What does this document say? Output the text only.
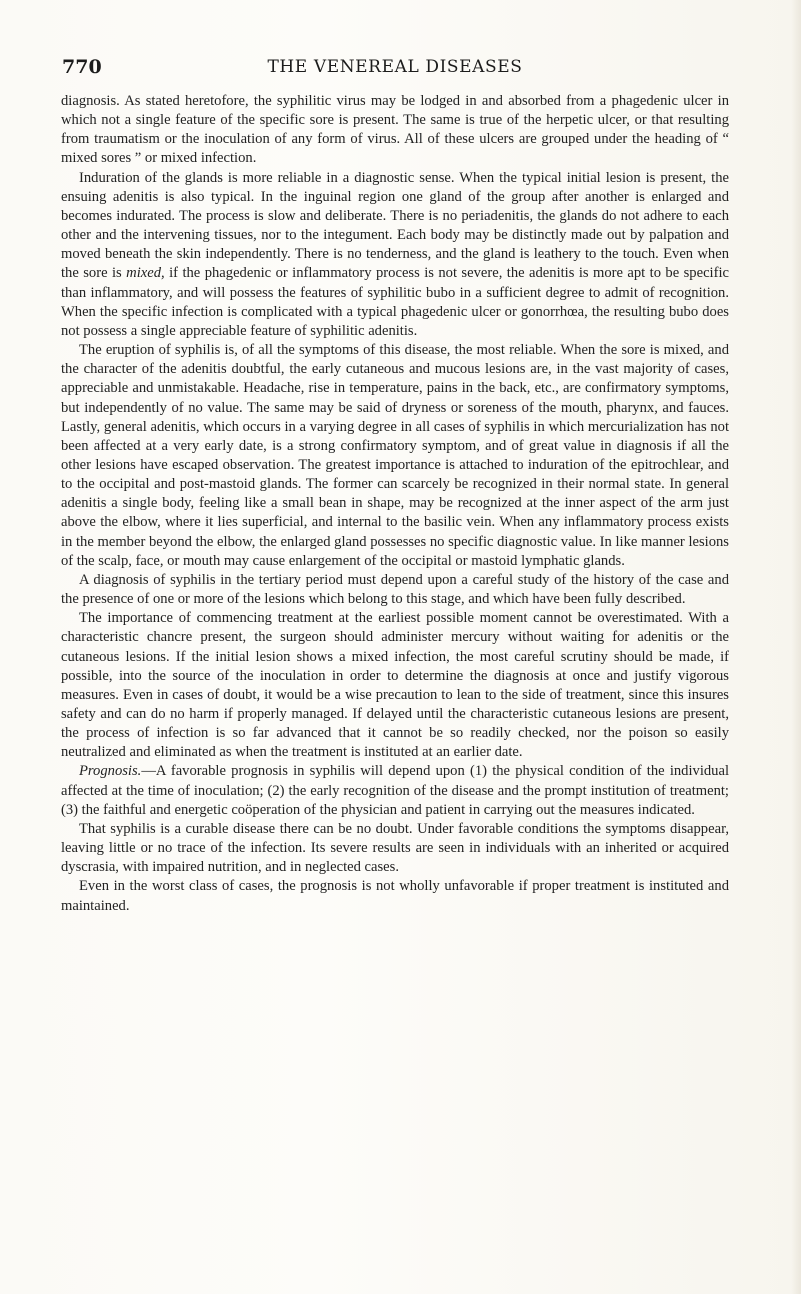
770	THE VENEREAL DISEASES

diagnosis. As stated heretofore, the syphilitic virus may be lodged in and absorbed from a phagedenic ulcer in which not a single feature of the specific sore is present. The same is true of the herpetic ulcer, or that resulting from traumatism or the inoculation of any form of virus. All of these ulcers are grouped under the heading of “ mixed sores ” or mixed infection.

Induration of the glands is more reliable in a diagnostic sense. When the typical initial lesion is present, the ensuing adenitis is also typical. In the inguinal region one gland of the group after another is enlarged and becomes indurated. The process is slow and deliberate. There is no periadenitis, the glands do not adhere to each other and the intervening tissues, nor to the integument. Each body may be distinctly made out by palpation and moved beneath the skin independently. There is no tenderness, and the gland is leathery to the touch. Even when the sore is mixed, if the phagedenic or inflammatory process is not severe, the adenitis is more apt to be specific than inflammatory, and will possess the features of syphilitic bubo in a sufficient degree to admit of recognition. When the specific infection is complicated with a typical phagedenic ulcer or gonorrhœa, the resulting bubo does not possess a single appreciable feature of syphilitic adenitis.

The eruption of syphilis is, of all the symptoms of this disease, the most reliable. When the sore is mixed, and the character of the adenitis doubtful, the early cutaneous and mucous lesions are, in the vast majority of cases, appreciable and unmistakable. Headache, rise in temperature, pains in the back, etc., are confirmatory symptoms, but independently of no value. The same may be said of dryness or soreness of the mouth, pharynx, and fauces. Lastly, general adenitis, which occurs in a varying degree in all cases of syphilis in which mercurialization has not been affected at a very early date, is a strong confirmatory symptom, and of great value in diagnosis if all the other lesions have escaped observation. The greatest importance is attached to induration of the epitrochlear, and to the occipital and post-mastoid glands. The former can scarcely be recognized in their normal state. In general adenitis a single body, feeling like a small bean in shape, may be recognized at the inner aspect of the arm just above the elbow, where it lies superficial, and internal to the basilic vein. When any inflammatory process exists in the member beyond the elbow, the enlarged gland possesses no specific diagnostic value. In like manner lesions of the scalp, face, or mouth may cause enlargement of the occipital or mastoid lymphatic glands.

A diagnosis of syphilis in the tertiary period must depend upon a careful study of the history of the case and the presence of one or more of the lesions which belong to this stage, and which have been fully described.

The importance of commencing treatment at the earliest possible moment cannot be overestimated. With a characteristic chancre present, the surgeon should administer mercury without waiting for adenitis or the cutaneous lesions. If the initial lesion shows a mixed infection, the most careful scrutiny should be made, if possible, into the source of the inoculation in order to determine the diagnosis at once and justify vigorous measures. Even in cases of doubt, it would be a wise precaution to lean to the side of treatment, since this insures safety and can do no harm if properly managed. If delayed until the characteristic cutaneous lesions are present, the process of infection is so far advanced that it cannot be so readily checked, nor the poison so easily neutralized and eliminated as when the treatment is instituted at an earlier date.

Prognosis.—A favorable prognosis in syphilis will depend upon (1) the physical condition of the individual affected at the time of inoculation; (2) the early recognition of the disease and the prompt institution of treatment; (3) the faithful and energetic coöperation of the physician and patient in carrying out the measures indicated.

That syphilis is a curable disease there can be no doubt. Under favorable conditions the symptoms disappear, leaving little or no trace of the infection. Its severe results are seen in individuals with an inherited or acquired dyscrasia, with impaired nutrition, and in neglected cases.

Even in the worst class of cases, the prognosis is not wholly unfavorable if proper treatment is instituted and maintained.
